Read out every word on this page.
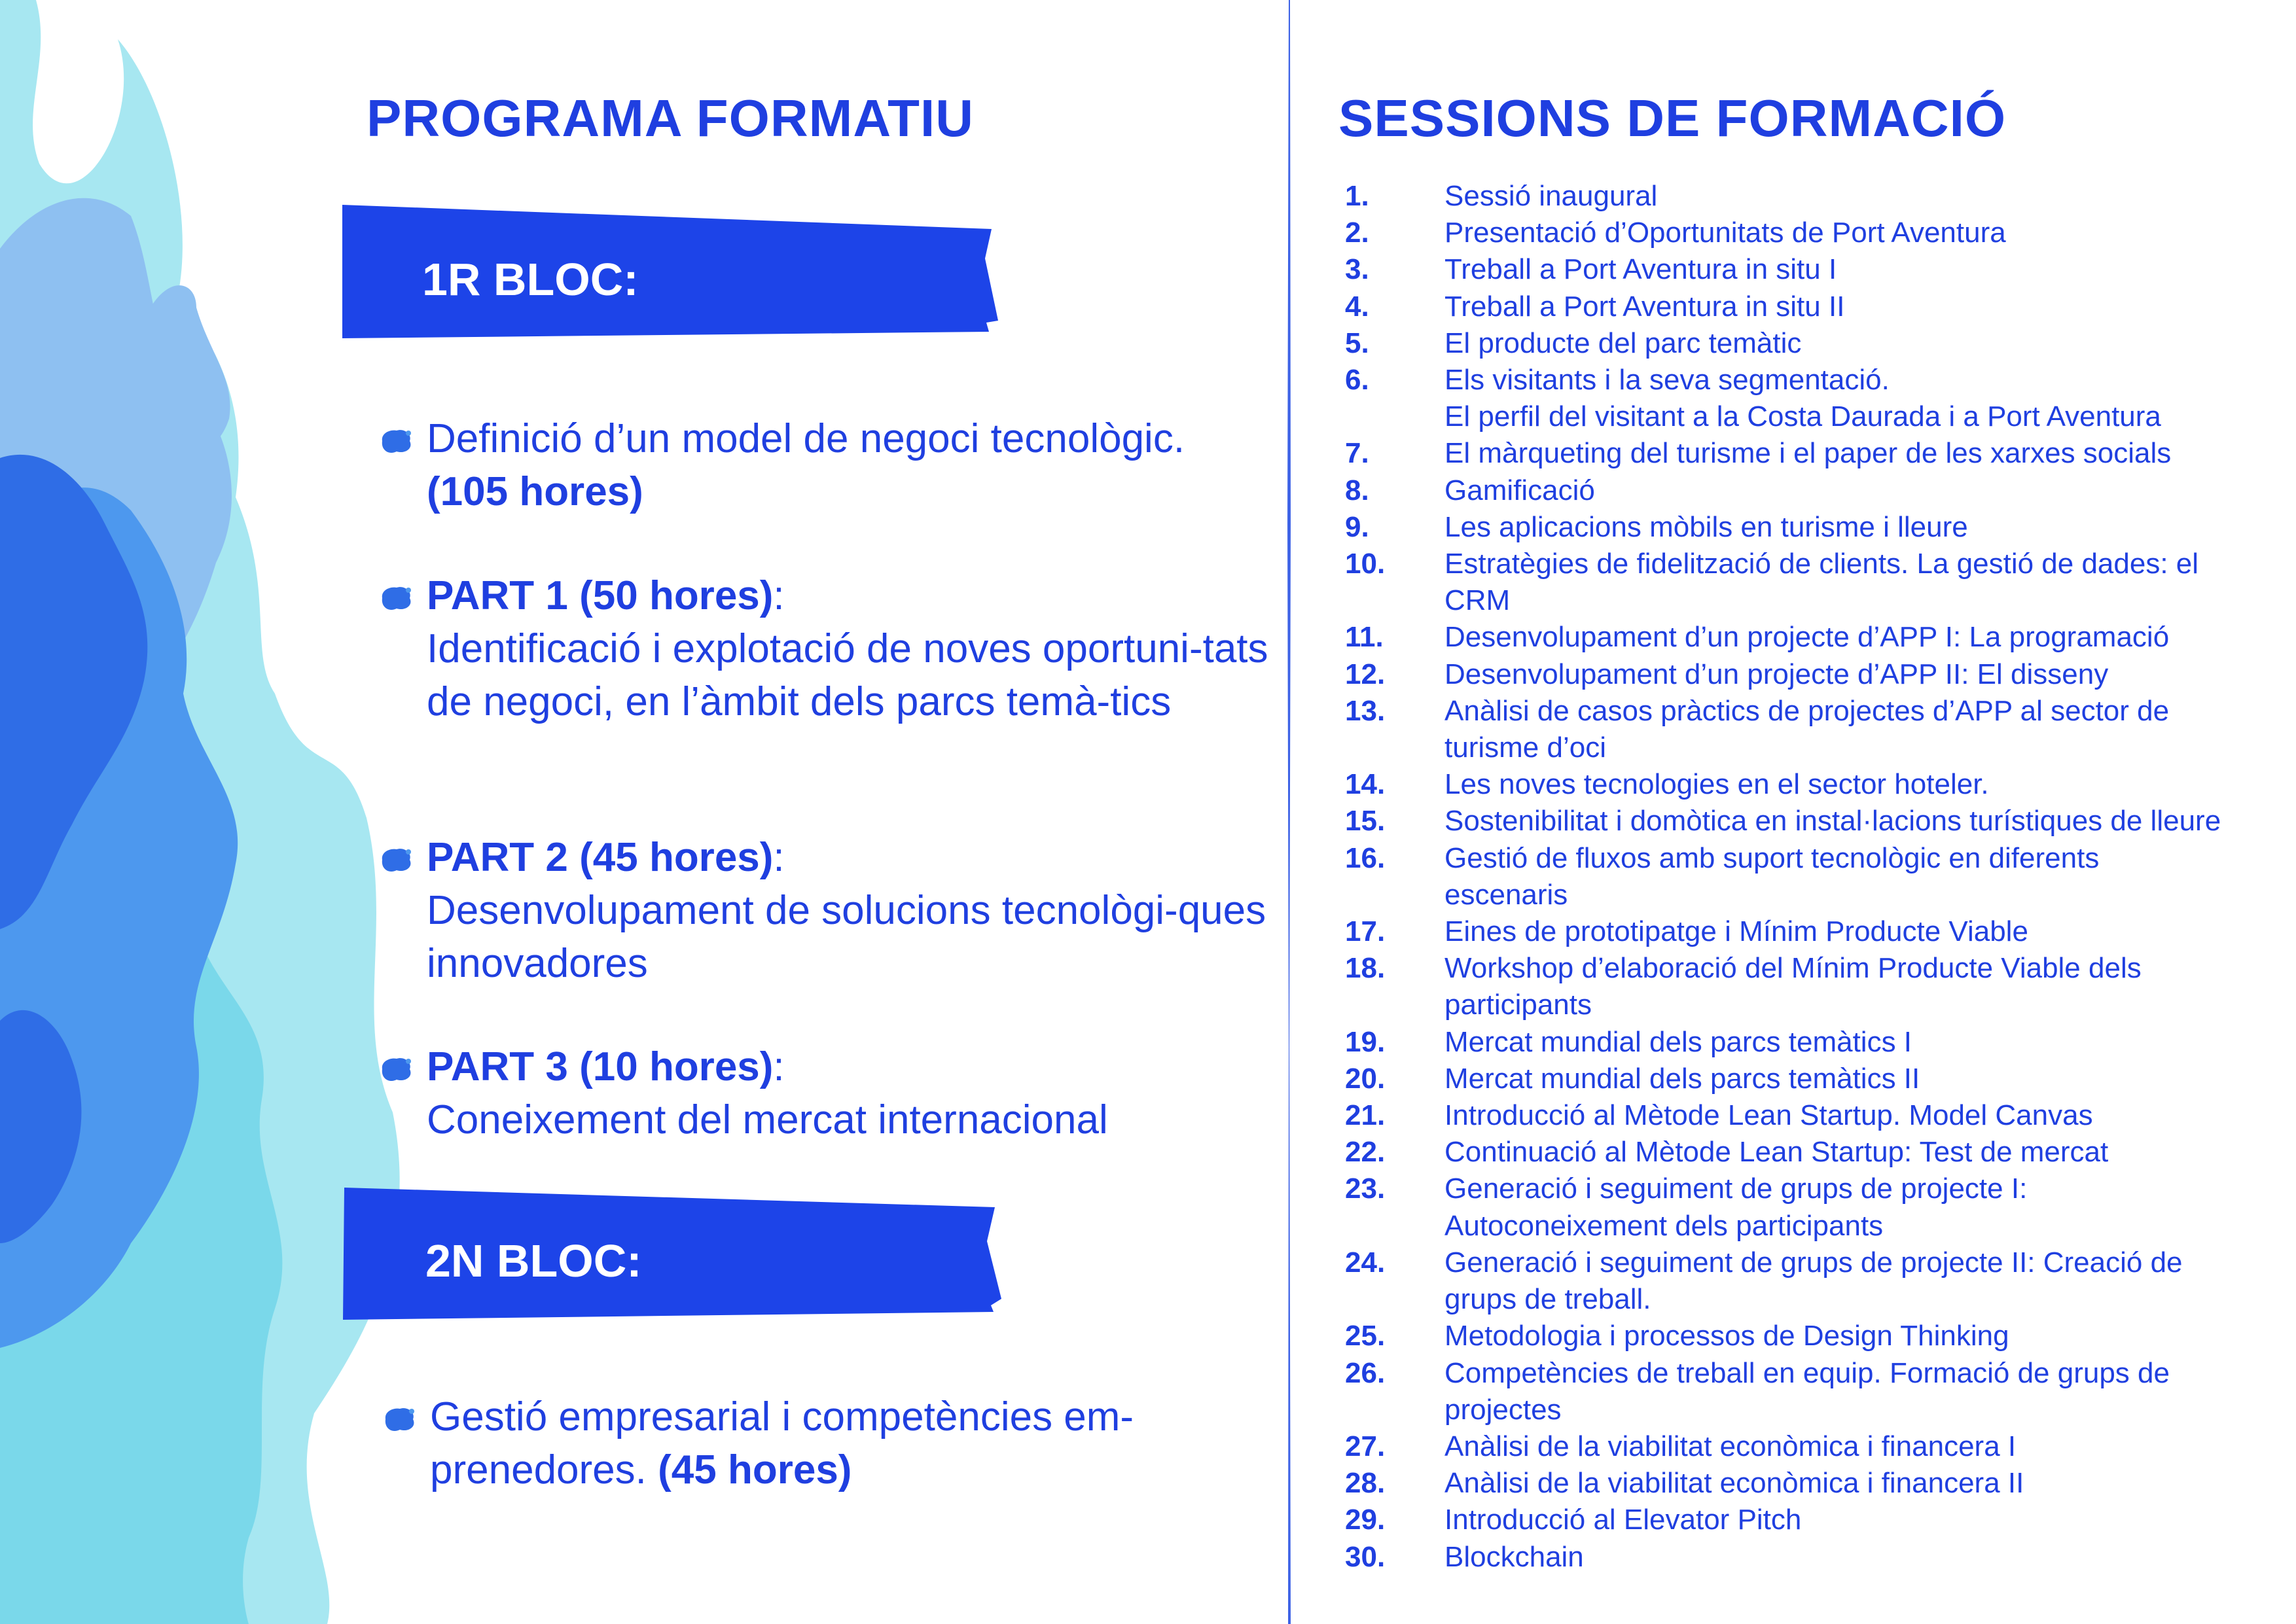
PROGRAMA FORMATIU
1R BLOC:

Definició d’un model de negoci tecnològic.
(105 hores)

PART 1 (50 hores):
Identificació i explotació de noves oportuni-tats de negoci, en l’àmbit dels parcs temà-tics

PART 2 (45 hores):
Desenvolupament de solucions tecnològi-ques innovadores

PART 3 (10 hores):
Coneixement del mercat internacional

2N BLOC:

Gestió empresarial i competències em-prenedores. (45 hores)

SESSIONS DE FORMACIÓ
1.	Sessió inaugural
2.	Presentació d’Oportunitats de Port Aventura
3.	Treball a Port Aventura in situ I
4.	Treball a Port Aventura in situ II
5.	El producte del parc temàtic
6.	Els visitants i la seva segmentació.
El perfil del visitant a la Costa Daurada i a Port Aventura
7.	El màrqueting del turisme i el paper de les xarxes socials
8.	Gamificació
9.	Les aplicacions mòbils en turisme i lleure
10.	Estratègies de fidelització de clients. La gestió de dades: el
CRM
11.	Desenvolupament d’un projecte d’APP I: La programació
12.	Desenvolupament d’un projecte d’APP II: El disseny
13.	Anàlisi de casos pràctics de projectes d’APP al sector de
turisme d’oci
14.	Les noves tecnologies en el sector hoteler.
15.	Sostenibilitat i domòtica en instal·lacions turístiques de lleure
16.	Gestió de fluxos amb suport tecnològic en diferents
escenaris
17.	Eines de prototipatge i Mínim Producte Viable
18.	Workshop d’elaboració del Mínim Producte Viable dels
participants
19.	Mercat mundial dels parcs temàtics I
20.	Mercat mundial dels parcs temàtics II
21.	Introducció al Mètode Lean Startup. Model Canvas
22.	Continuació al Mètode Lean Startup: Test de mercat
23.	Generació i seguiment de grups de projecte I:
Autoconeixement dels participants
24.	Generació i seguiment de grups de projecte II: Creació de
grups de treball.
25.	Metodologia i processos de Design Thinking
26.	Competències de treball en equip. Formació de grups de
projectes
27.	Anàlisi de la viabilitat econòmica i financera I
28.	Anàlisi de la viabilitat econòmica i financera II
29.	Introducció al Elevator Pitch
30.	Blockchain
